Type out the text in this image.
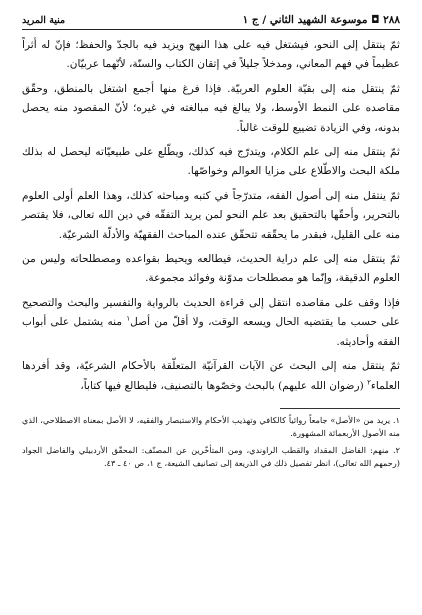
٢٨٨ ◘ موسوعة الشهيد الثاني / ج ١
منية المريد

ثمّ ينتقل إلى النحو، فيشتغل فيه على هذا النهج ويزيد فيه بالجدّ والحفظ؛ فإنّ له أثراً عظيماً في فهم المعاني، ومدخلاً جليلاً في إتقان الكتاب والسنّة، لأنّهما عربيّان.

ثمّ ينتقل منه إلى بقيّة العلوم العربيّة. فإذا فرغ منها أجمع اشتغل بالمنطق، وحقّق مقاصده على النمط الأوسط، ولا يبالغ فيه مبالغته في غيره؛ لأنّ المقصود منه يحصل بدونه، وفي الزيادة تضييع للوقت غالباً.

ثمّ ينتقل منه إلى علم الكلام، ويتدرّج فيه كذلك، ويطّلع على طبيعيّاته ليحصل له بذلك ملكة البحث والاطّلاع على مزايا العوالم وخواصّها.

ثمّ ينتقل منه إلى أصول الفقه، متدرّجاً في كتبه ومباحثه كذلك، وهذا العلم أولى العلوم بالتحرير، وأحقّها بالتحقيق بعد علم النحو لمن يريد التفقّه في دين الله تعالى، فلا يقتصر منه على القليل، فبقدر ما يحقّقه تتحقّق عنده المباحث الفقهيّة والأدلّة الشرعيّة.

ثمّ ينتقل منه إلى علم دراية الحديث، فيطالعه ويحيط بقواعده ومصطلحاته وليس من العلوم الدقيقة، وإنّما هو مصطلحات مدوّنة وفوائد مجموعة.

فإذا وقف على مقاصده انتقل إلى قراءة الحديث بالرواية والتفسير والبحث والتصحيح على حسب ما يقتضيه الحال ويسعه الوقت، ولا أقلّ من أصل$^١$ منه يشتمل على أبواب الفقه وأحاديثه.

ثمّ ينتقل منه إلى البحث عن الآيات القرآنيّة المتعلّقة بالأحكام الشرعيّة، وقد أفردها العلماء$^٢$ (رضوان الله عليهم) بالبحث وخصّوها بالتصنيف، فليطالع فيها كتاباً،

١. يريد من «الأصل» جامعاً روائياً كالكافي وتهذيب الأحكام والاستبصار والفقيه، لا الأصل بمعناه الاصطلاحي، الذي منه الأصول الأربعمائة المشهورة.

٢. منهم: الفاضل المقداد والقطب الراوندي، ومن المتأخّرين عن المصنّف: المحقّق الأردبيلي والفاضل الجواد (رحمهم الله تعالى)، انظر تفصيل ذلك في الذريعة إلى تصانيف الشيعة، ج ١، ص ٤٠ ـ ٤٣.
